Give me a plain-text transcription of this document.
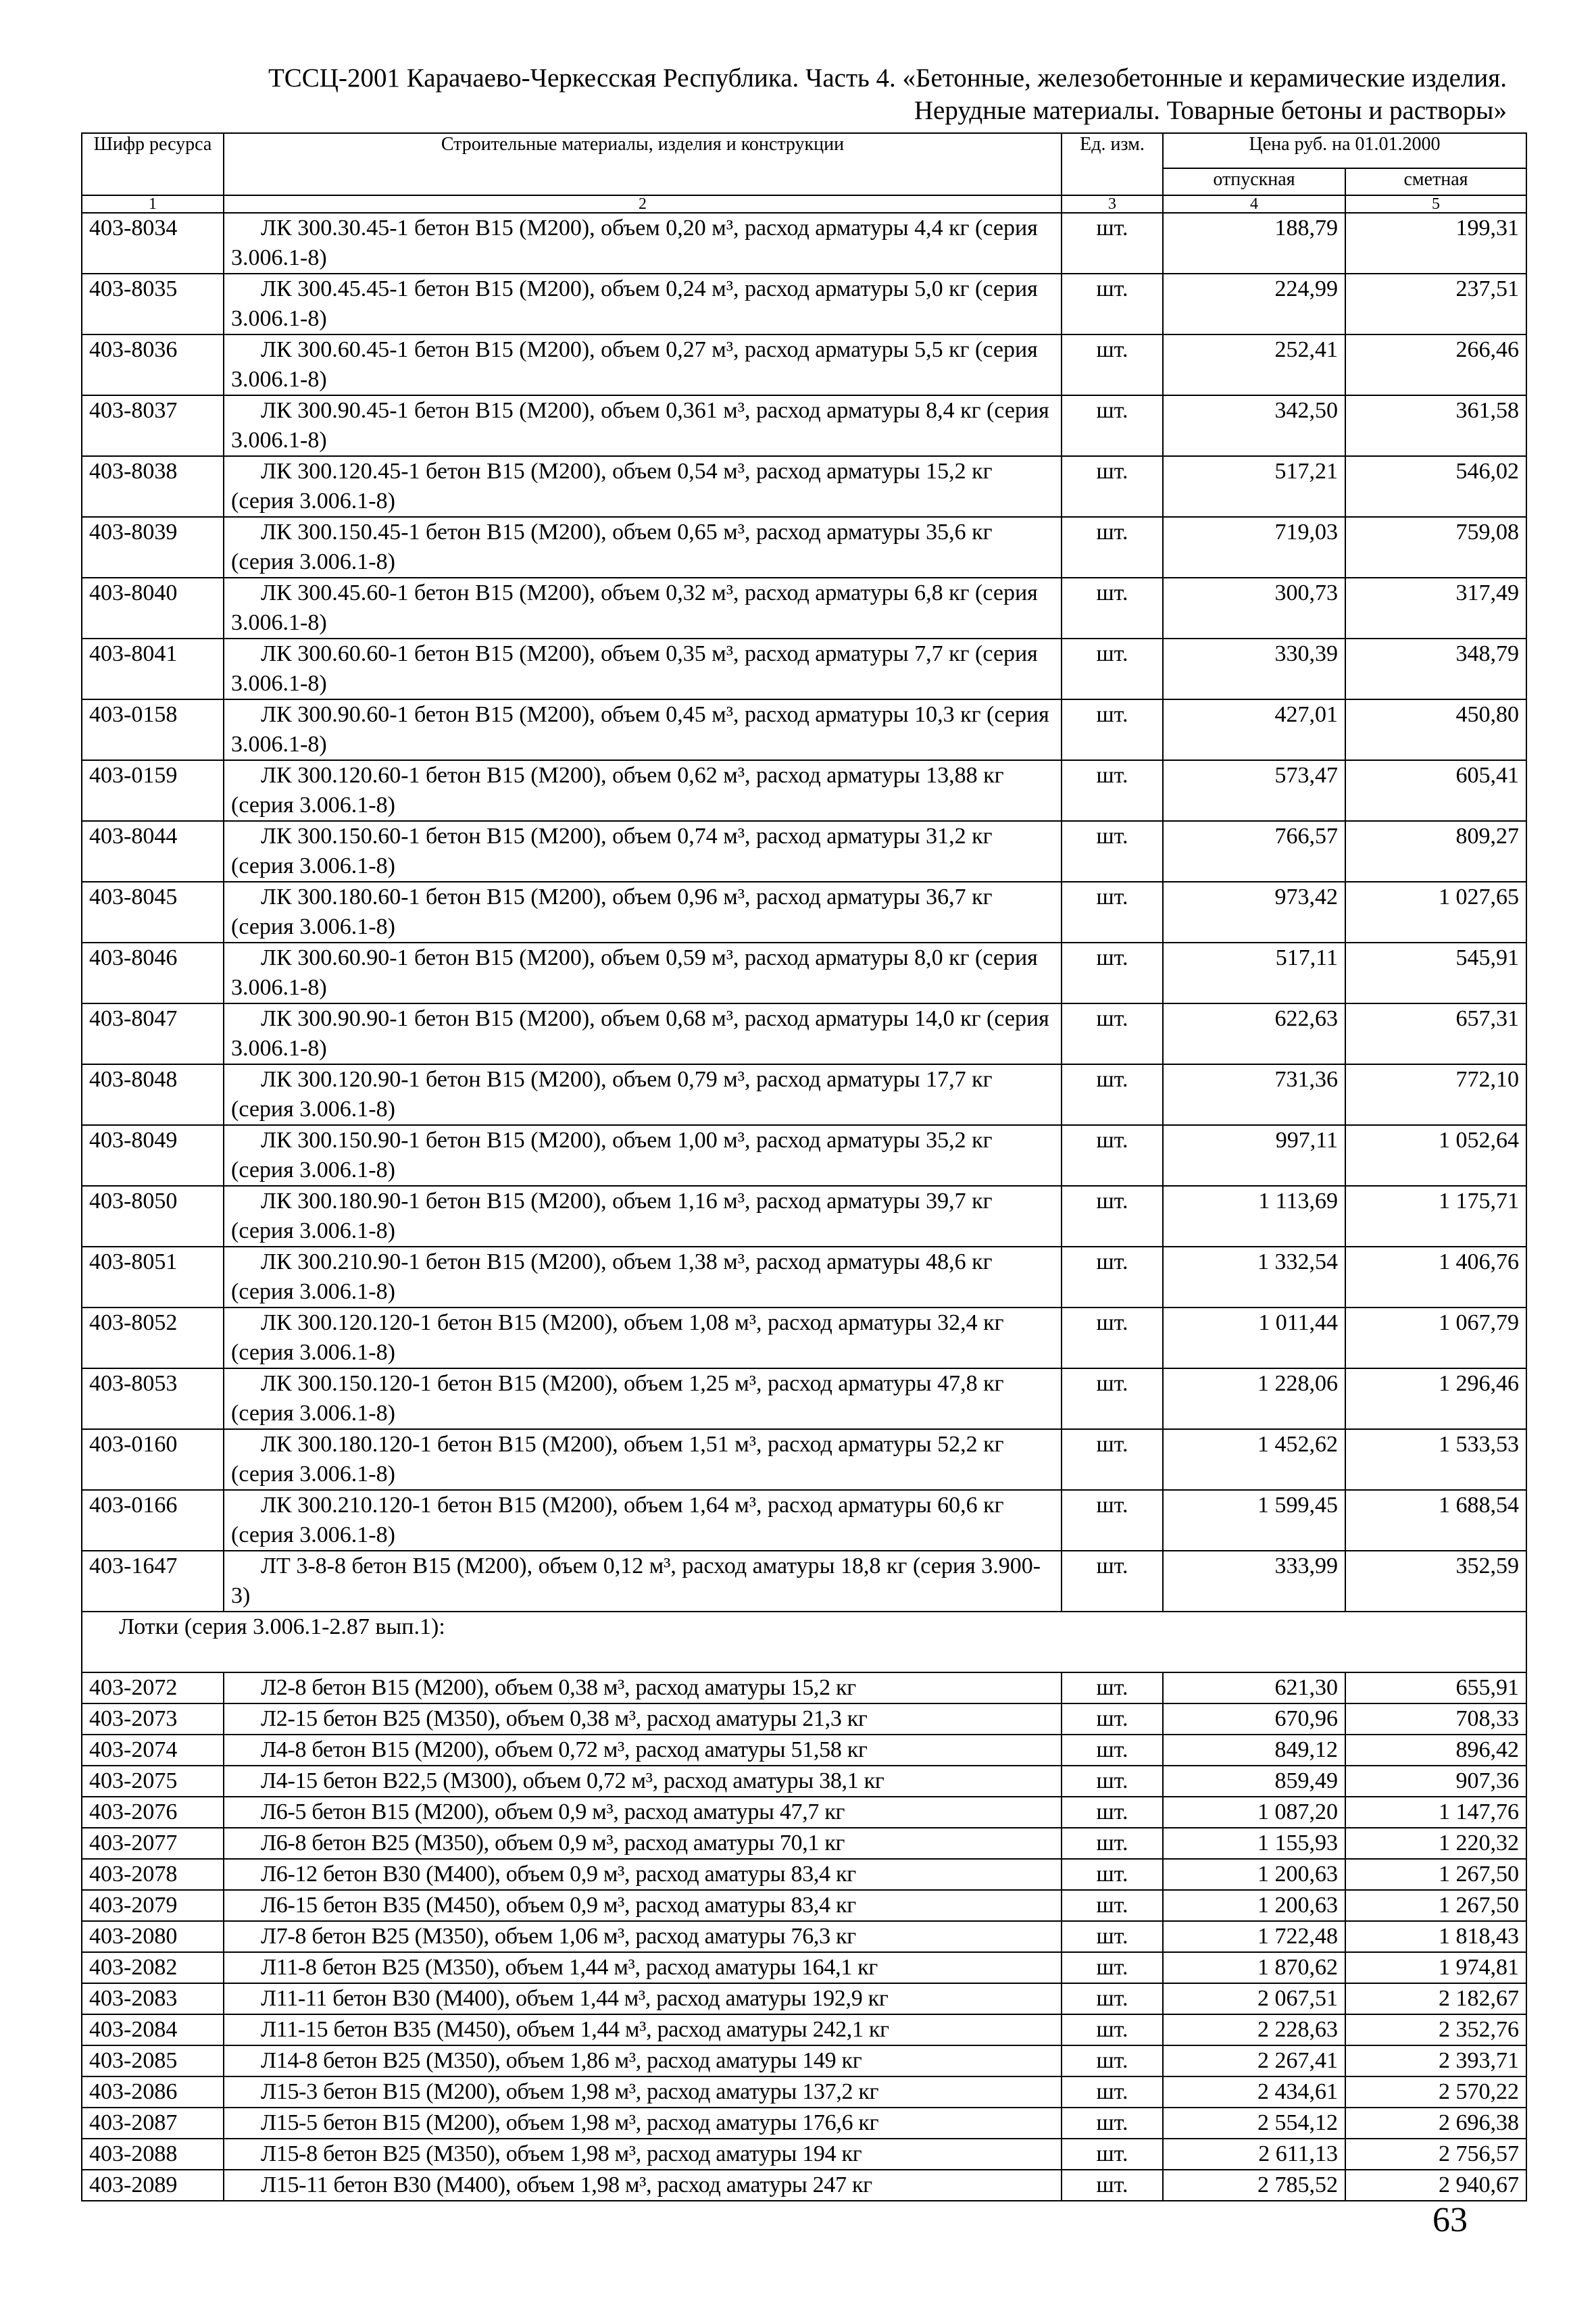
ТССЦ-2001 Карачаево-Черкесская Республика. Часть 4. «Бетонные, железобетонные и керамические изделия.
Нерудные материалы. Товарные бетоны и растворы»
Шифр ресурса	Строительные материалы, изделия и конструкции	Ед. изм.	Цена руб. на 01.01.2000	
			отпускная	сметная
1	2	3	4	5
403-8034	ЛК 300.30.45-1 бетон В15 (М200), объем 0,20 м³, расход арматуры 4,4 кг (серия 3.006.1-8)	шт.	188,79	199,31
403-8035	ЛК 300.45.45-1 бетон В15 (М200), объем 0,24 м³, расход арматуры 5,0 кг (серия 3.006.1-8)	шт.	224,99	237,51
403-8036	ЛК 300.60.45-1 бетон В15 (М200), объем 0,27 м³, расход арматуры 5,5 кг (серия 3.006.1-8)	шт.	252,41	266,46
403-8037	ЛК 300.90.45-1 бетон В15 (М200), объем 0,361 м³, расход арматуры 8,4 кг (серия 3.006.1-8)	шт.	342,50	361,58
403-8038	ЛК 300.120.45-1 бетон В15 (М200), объем 0,54 м³, расход арматуры 15,2 кг (серия 3.006.1-8)	шт.	517,21	546,02
403-8039	ЛК 300.150.45-1 бетон В15 (М200), объем 0,65 м³, расход арматуры 35,6 кг (серия 3.006.1-8)	шт.	719,03	759,08
403-8040	ЛК 300.45.60-1 бетон В15 (М200), объем 0,32 м³, расход арматуры 6,8 кг (серия 3.006.1-8)	шт.	300,73	317,49
403-8041	ЛК 300.60.60-1 бетон В15 (М200), объем 0,35 м³, расход арматуры 7,7 кг (серия 3.006.1-8)	шт.	330,39	348,79
403-0158	ЛК 300.90.60-1 бетон В15 (М200), объем 0,45 м³, расход арматуры 10,3 кг (серия 3.006.1-8)	шт.	427,01	450,80
403-0159	ЛК 300.120.60-1 бетон В15 (М200), объем 0,62 м³, расход арматуры 13,88 кг (серия 3.006.1-8)	шт.	573,47	605,41
403-8044	ЛК 300.150.60-1 бетон В15 (М200), объем 0,74 м³, расход арматуры 31,2 кг (серия 3.006.1-8)	шт.	766,57	809,27
403-8045	ЛК 300.180.60-1 бетон В15 (М200), объем 0,96 м³, расход арматуры 36,7 кг (серия 3.006.1-8)	шт.	973,42	1 027,65
403-8046	ЛК 300.60.90-1 бетон В15 (М200), объем 0,59 м³, расход арматуры 8,0 кг (серия 3.006.1-8)	шт.	517,11	545,91
403-8047	ЛК 300.90.90-1 бетон В15 (М200), объем 0,68 м³, расход арматуры 14,0 кг (серия 3.006.1-8)	шт.	622,63	657,31
403-8048	ЛК 300.120.90-1 бетон В15 (М200), объем 0,79 м³, расход арматуры 17,7 кг (серия 3.006.1-8)	шт.	731,36	772,10
403-8049	ЛК 300.150.90-1 бетон В15 (М200), объем 1,00 м³, расход арматуры 35,2 кг (серия 3.006.1-8)	шт.	997,11	1 052,64
403-8050	ЛК 300.180.90-1 бетон В15 (М200), объем 1,16 м³, расход арматуры 39,7 кг (серия 3.006.1-8)	шт.	1 113,69	1 175,71
403-8051	ЛК 300.210.90-1 бетон В15 (М200), объем 1,38 м³, расход арматуры 48,6 кг (серия 3.006.1-8)	шт.	1 332,54	1 406,76
403-8052	ЛК 300.120.120-1 бетон В15 (М200), объем 1,08 м³, расход арматуры 32,4 кг (серия 3.006.1-8)	шт.	1 011,44	1 067,79
403-8053	ЛК 300.150.120-1 бетон В15 (М200), объем 1,25 м³, расход арматуры 47,8 кг (серия 3.006.1-8)	шт.	1 228,06	1 296,46
403-0160	ЛК 300.180.120-1 бетон В15 (М200), объем 1,51 м³, расход арматуры 52,2 кг (серия 3.006.1-8)	шт.	1 452,62	1 533,53
403-0166	ЛК 300.210.120-1 бетон В15 (М200), объем 1,64 м³, расход арматуры 60,6 кг (серия 3.006.1-8)	шт.	1 599,45	1 688,54
403-1647	ЛТ 3-8-8 бетон В15 (М200), объем 0,12 м³, расход аматуры 18,8 кг (серия 3.900-3)	шт.	333,99	352,59
Лотки (серия 3.006.1-2.87 вып.1):				
403-2072	Л2-8 бетон В15 (М200), объем 0,38 м³, расход аматуры 15,2 кг	шт.	621,30	655,91
403-2073	Л2-15 бетон В25 (М350), объем 0,38 м³, расход аматуры 21,3 кг	шт.	670,96	708,33
403-2074	Л4-8 бетон В15 (М200), объем 0,72 м³, расход аматуры 51,58 кг	шт.	849,12	896,42
403-2075	Л4-15 бетон В22,5 (М300), объем 0,72 м³, расход аматуры 38,1 кг	шт.	859,49	907,36
403-2076	Л6-5 бетон В15 (М200), объем 0,9 м³, расход аматуры 47,7 кг	шт.	1 087,20	1 147,76
403-2077	Л6-8 бетон В25 (М350), объем 0,9 м³, расход аматуры 70,1 кг	шт.	1 155,93	1 220,32
403-2078	Л6-12 бетон В30 (М400), объем 0,9 м³, расход аматуры 83,4 кг	шт.	1 200,63	1 267,50
403-2079	Л6-15 бетон В35 (М450), объем 0,9 м³, расход аматуры 83,4 кг	шт.	1 200,63	1 267,50
403-2080	Л7-8 бетон В25 (М350), объем 1,06 м³, расход аматуры 76,3 кг	шт.	1 722,48	1 818,43
403-2082	Л11-8 бетон В25 (М350), объем 1,44 м³, расход аматуры 164,1 кг	шт.	1 870,62	1 974,81
403-2083	Л11-11 бетон В30 (М400), объем 1,44 м³, расход аматуры 192,9 кг	шт.	2 067,51	2 182,67
403-2084	Л11-15 бетон В35 (М450), объем 1,44 м³, расход аматуры 242,1 кг	шт.	2 228,63	2 352,76
403-2085	Л14-8 бетон В25 (М350), объем 1,86 м³, расход аматуры 149 кг	шт.	2 267,41	2 393,71
403-2086	Л15-3 бетон В15 (М200), объем 1,98 м³, расход аматуры 137,2 кг	шт.	2 434,61	2 570,22
403-2087	Л15-5 бетон В15 (М200), объем 1,98 м³, расход аматуры 176,6 кг	шт.	2 554,12	2 696,38
403-2088	Л15-8 бетон В25 (М350), объем 1,98 м³, расход аматуры 194 кг	шт.	2 611,13	2 756,57
403-2089	Л15-11 бетон В30 (М400), объем 1,98 м³, расход аматуры 247 кг	шт.	2 785,52	2 940,67
63
